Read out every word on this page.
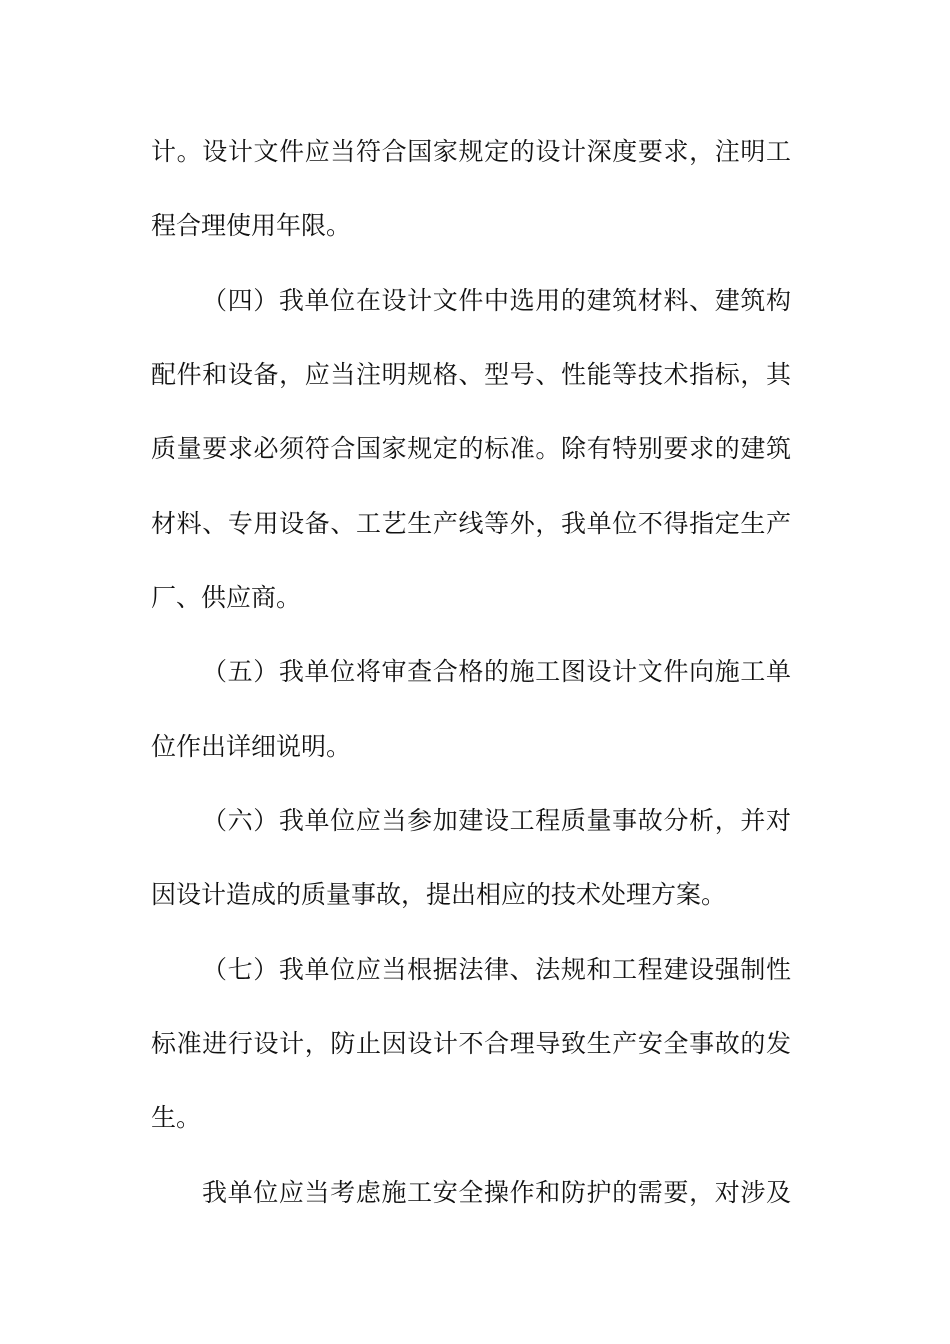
计。设计文件应当符合国家规定的设计深度要求，注明工
程合理使用年限。
（四）我单位在设计文件中选用的建筑材料、建筑构
配件和设备，应当注明规格、型号、性能等技术指标，其
质量要求必须符合国家规定的标准。除有特别要求的建筑
材料、专用设备、工艺生产线等外，我单位不得指定生产
厂、供应商。
（五）我单位将审查合格的施工图设计文件向施工单
位作出详细说明。
（六）我单位应当参加建设工程质量事故分析，并对
因设计造成的质量事故，提出相应的技术处理方案。
（七）我单位应当根据法律、法规和工程建设强制性
标准进行设计，防止因设计不合理导致生产安全事故的发
生。
我单位应当考虑施工安全操作和防护的需要，对涉及
